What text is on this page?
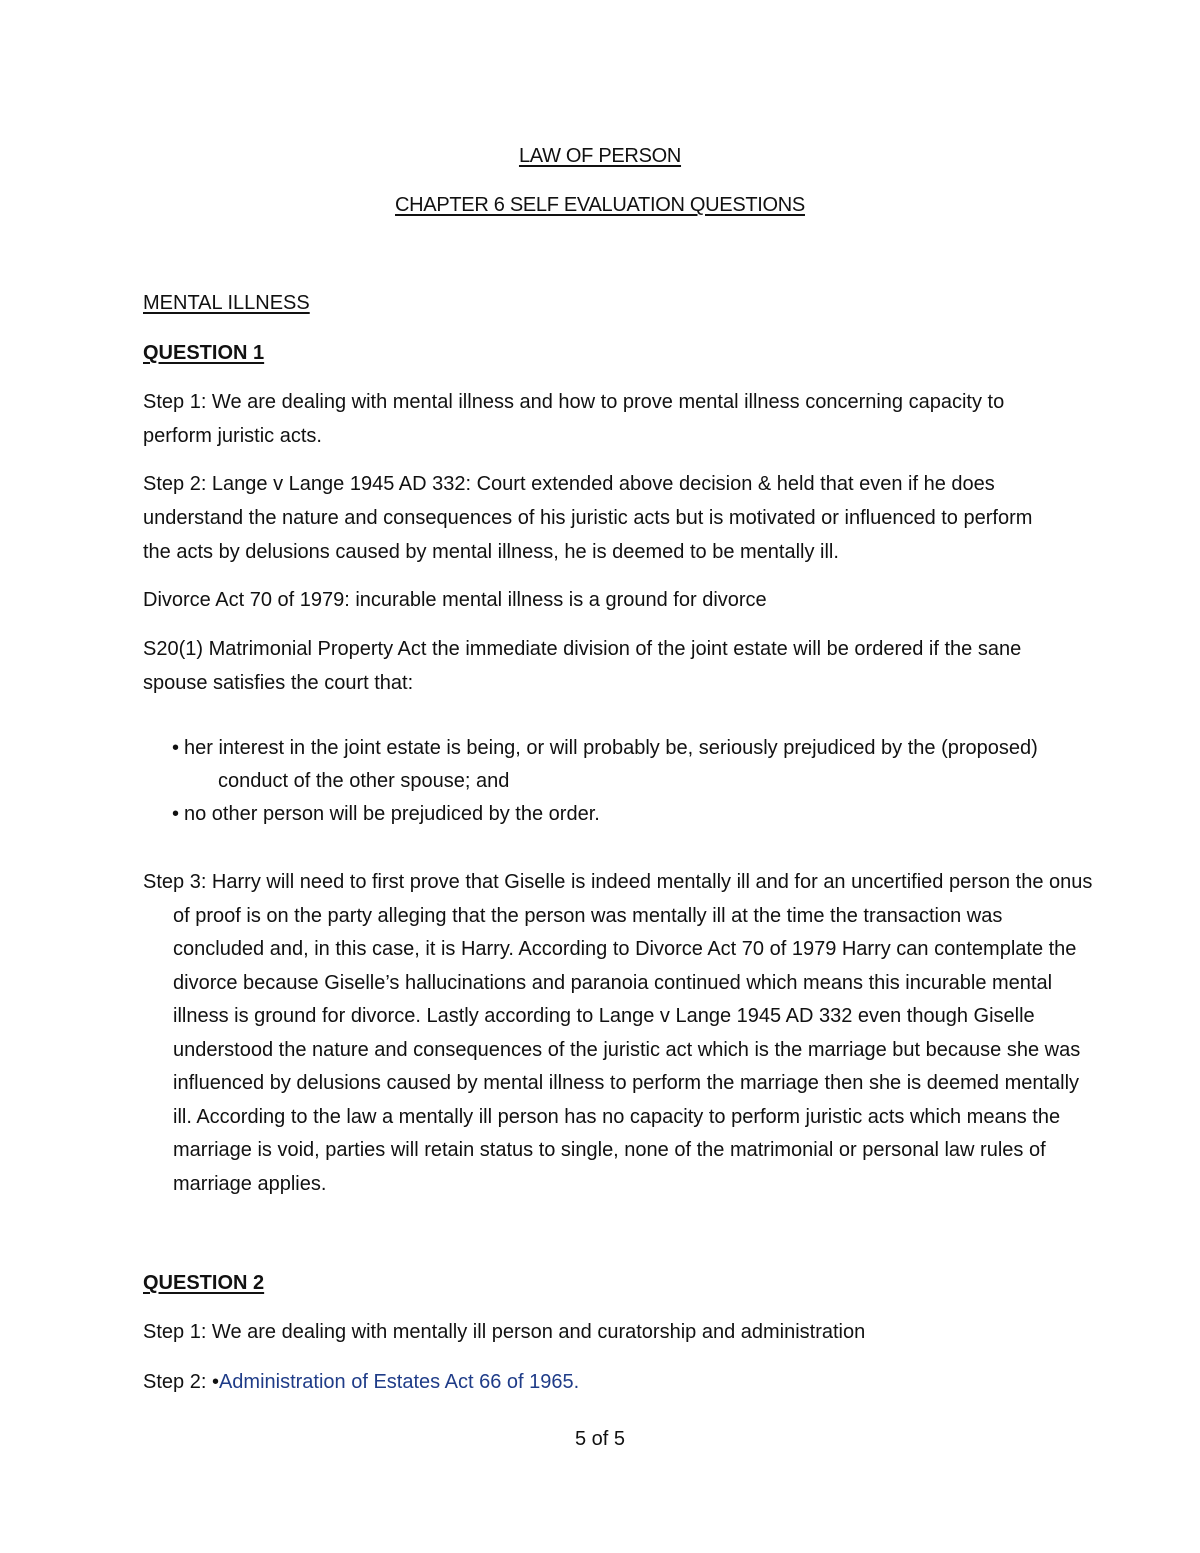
LAW OF PERSON
CHAPTER 6 SELF EVALUATION QUESTIONS
MENTAL ILLNESS
QUESTION 1

Step 1: We are dealing with mental illness and how to prove mental illness concerning capacity to perform juristic acts.

Step 2: Lange v Lange 1945 AD 332: Court extended above decision & held that even if he does understand the nature and consequences of his juristic acts but is motivated or influenced to perform the acts by delusions caused by mental illness, he is deemed to be mentally ill.

Divorce Act 70 of 1979: incurable mental illness is a ground for divorce

S20(1) Matrimonial Property Act the immediate division of the joint estate will be ordered if the sane spouse satisfies the court that:

• her interest in the joint estate is being, or will probably be, seriously prejudiced by the (proposed) conduct of the other spouse; and
• no other person will be prejudiced by the order.

Step 3: Harry will need to first prove that Giselle is indeed mentally ill and for an uncertified person the onus of proof is on the party alleging that the person was mentally ill at the time the transaction was concluded and, in this case, it is Harry. According to Divorce Act 70 of 1979 Harry can contemplate the divorce because Giselle’s hallucinations and paranoia continued which means this incurable mental illness is ground for divorce. Lastly according to Lange v Lange 1945 AD 332 even though Giselle understood the nature and consequences of the juristic act which is the marriage but because she was influenced by delusions caused by mental illness to perform the marriage then she is deemed mentally ill. According to the law a mentally ill person has no capacity to perform juristic acts which means the marriage is void, parties will retain status to single, none of the matrimonial or personal law rules of marriage applies.

QUESTION 2

Step 1: We are dealing with mentally ill person and curatorship and administration

Step 2: •Administration of Estates Act 66 of 1965.

5 of 5
